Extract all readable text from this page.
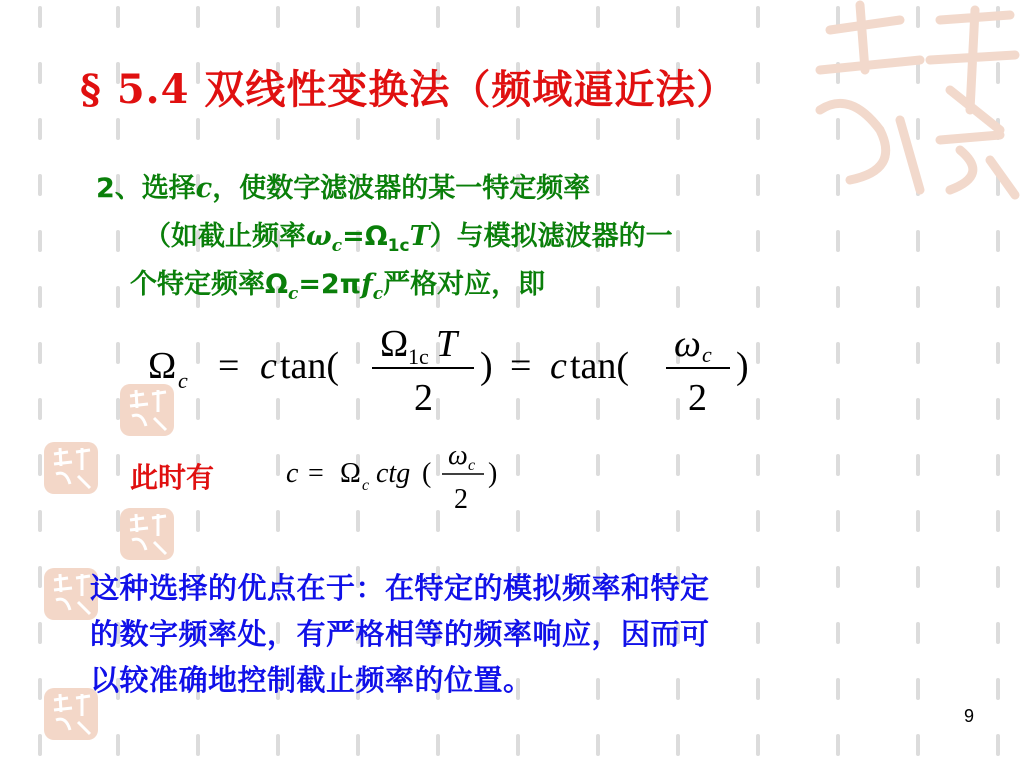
§ 5.4 双线性变换法（频域逼近法）
2、选择c，使数字滤波器的某一特定频率
（如截止频率$\omega_c=\Omega_{1c}T$）与模拟滤波器的一
个特定频率$\Omega_c=2\pi f_c$严格对应，即
Ω c = c tan(
Ω 1c T
2
) = c tan(
ω c
2
)
此时有	c = Ω c ctg (
ω c
2
)
这种选择的优点在于：在特定的模拟频率和特定
的数字频率处，有严格相等的频率响应，因而可
以较准确地控制截止频率的位置。
9
